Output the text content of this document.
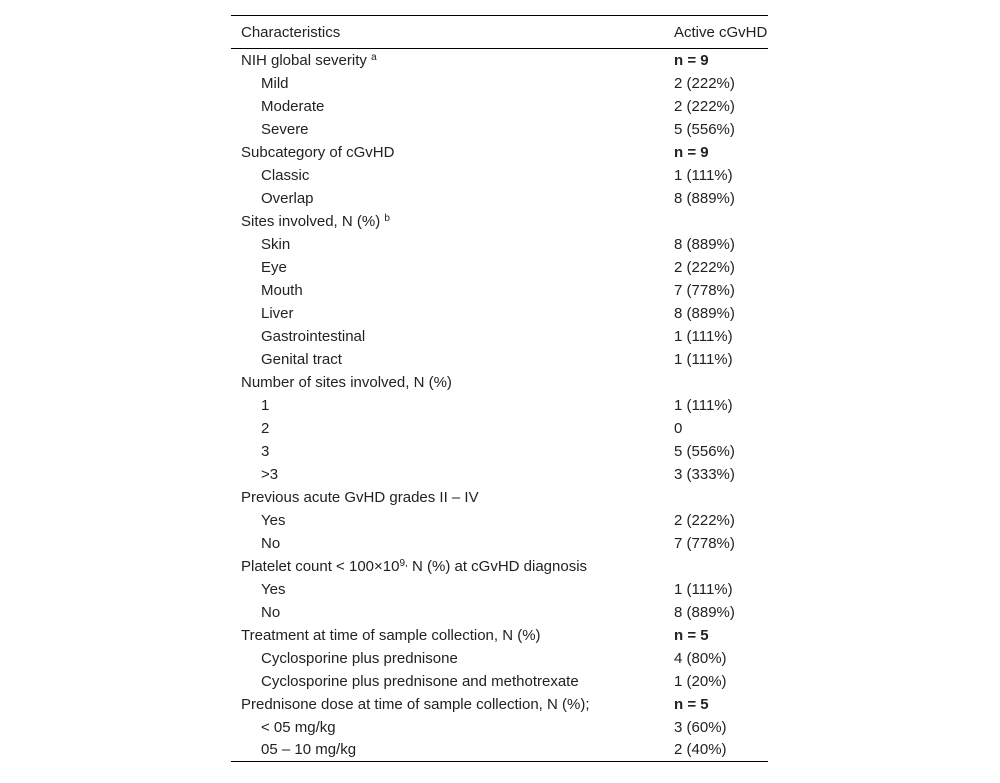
Characteristics	Active cGvHD
NIH global severity $^a$	n = 9
Mild	2 (222%)
Moderate	2 (222%)
Severe	5 (556%)
Subcategory of cGvHD	n = 9
Classic	1 (111%)
Overlap	8 (889%)
Sites involved, N (%) $^b$	
Skin	8 (889%)
Eye	2 (222%)
Mouth	7 (778%)
Liver	8 (889%)
Gastrointestinal	1 (111%)
Genital tract	1 (111%)
Number of sites involved, N (%)	
1	1 (111%)
2	0
3	5 (556%)
>3	3 (333%)
Previous acute GvHD grades II – IV	
Yes	2 (222%)
No	7 (778%)
Platelet count < $100\times 10^{9,}$ N (%) at cGvHD diagnosis	
Yes	1 (111%)
No	8 (889%)
Treatment at time of sample collection, N (%)	n = 5
Cyclosporine plus prednisone	4 (80%)
Cyclosporine plus prednisone and methotrexate	1 (20%)
Prednisone dose at time of sample collection, N (%);	n = 5
< 05 mg/kg	3 (60%)
05 – 10 mg/kg	2 (40%)
